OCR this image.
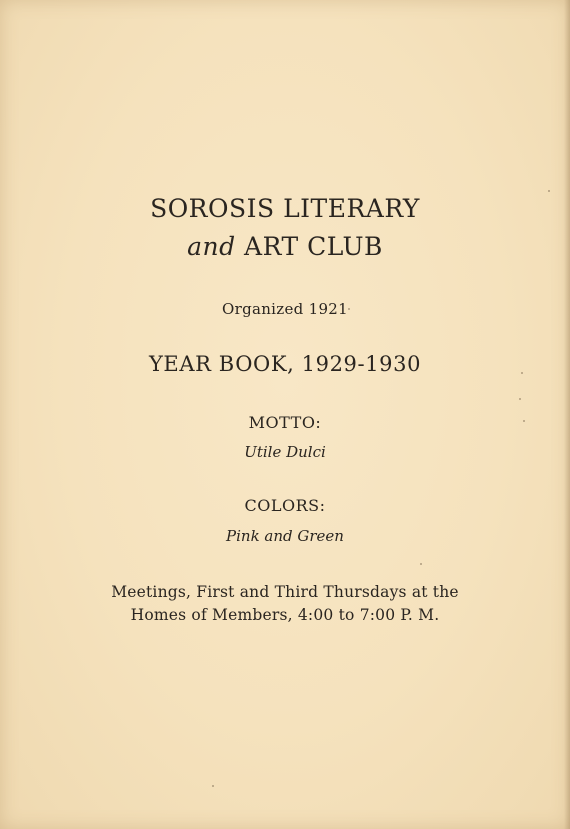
SOROSIS LITERARY
and ART CLUB
Organized 1921
YEAR BOOK, 1929-1930
MOTTO:
Utile Dulci
COLORS:
Pink and Green
Meetings, First and Third Thursdays at the
Homes of Members, 4:00 to 7:00 P. M.
